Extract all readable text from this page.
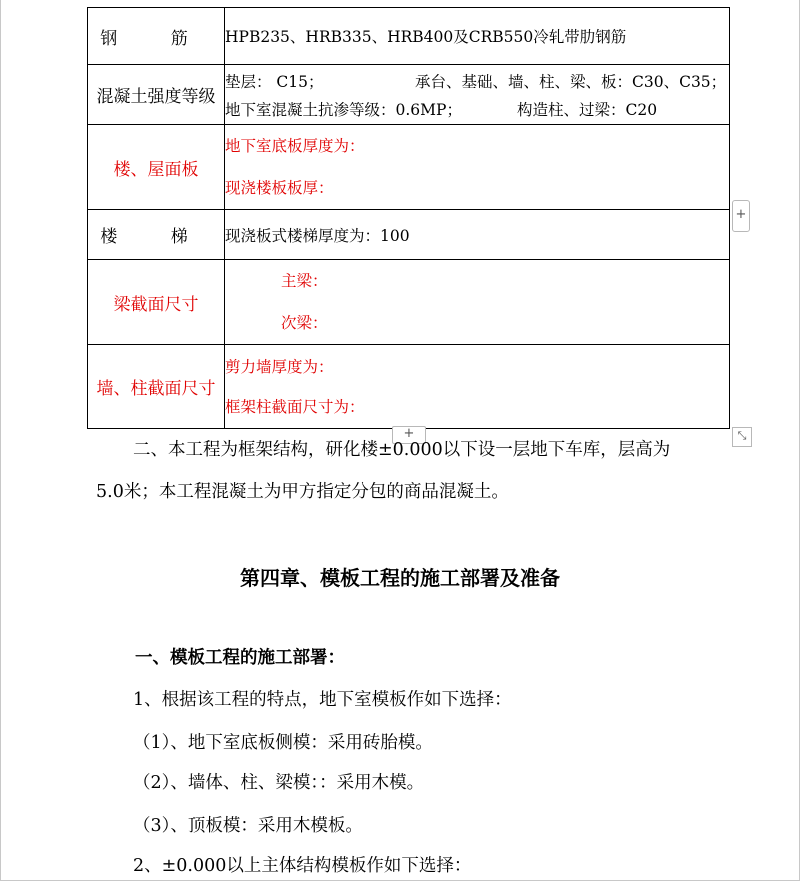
钢 筋	HPB235、HRB335、HRB400及CRB550冷轧带肋钢筋

混凝土强度等级	垫层： C15； 承台、基础、墙、柱、梁、板：C30、C35；
地下室混凝土抗渗等级：0.6MP； 构造柱、过梁：C20

楼、屋面板	地下室底板厚度为：
现浇楼板板厚：

楼 梯	现浇板式楼梯厚度为：100

梁截面尺寸	主梁：
次梁：

墙、柱截面尺寸	剪力墙厚度为：
框架柱截面尺寸为：
+
+	⤡
二、本工程为框架结构，研化楼±0.000以下设一层地下车库，层高为
5.0米；本工程混凝土为甲方指定分包的商品混凝土。
第四章、模板工程的施工部署及准备
一、模板工程的施工部署：
1、根据该工程的特点，地下室模板作如下选择：
（1）、地下室底板侧模：采用砖胎模。
（2）、墙体、柱、梁模：：采用木模。
（3）、顶板模：采用木模板。
2、±0.000以上主体结构模板作如下选择：
